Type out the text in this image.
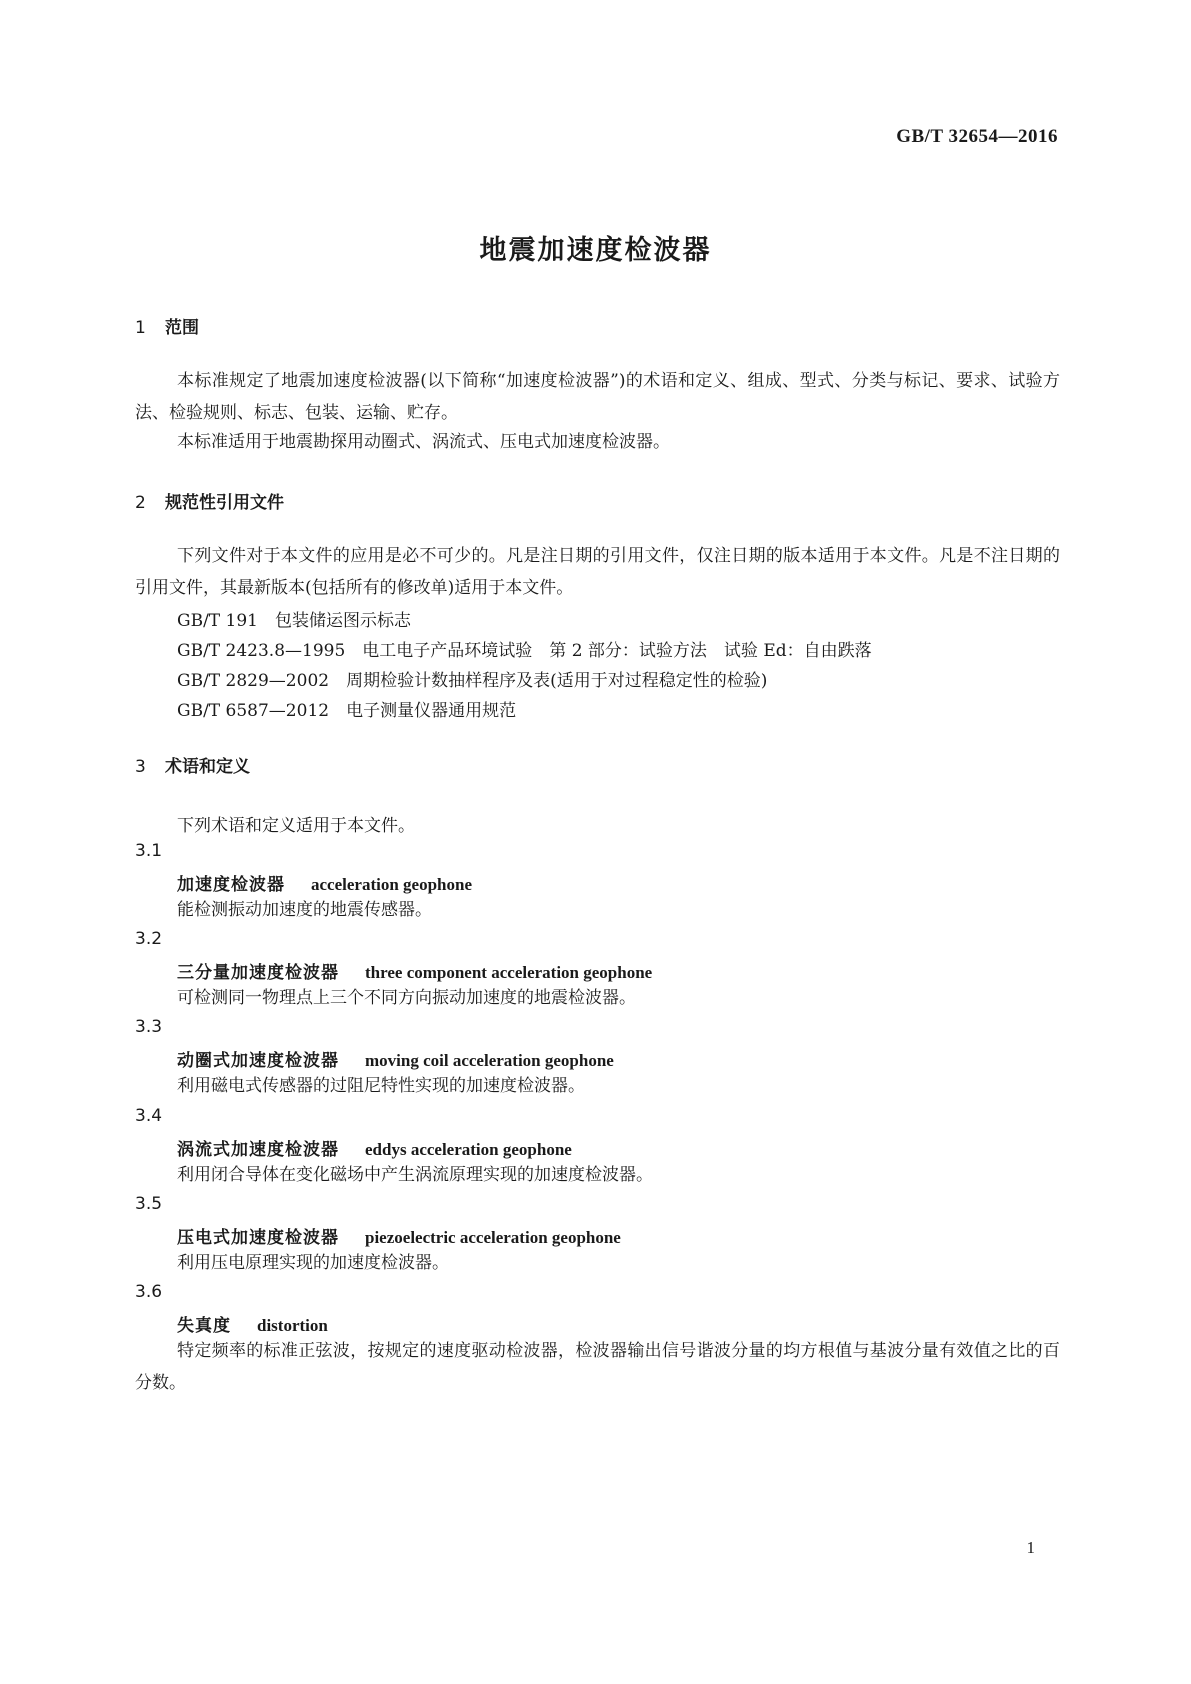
GB/T 32654—2016
地震加速度检波器
1 范围
本标准规定了地震加速度检波器(以下简称“加速度检波器”)的术语和定义、组成、型式、分类与标记、要求、试验方法、检验规则、标志、包装、运输、贮存。
本标准适用于地震勘探用动圈式、涡流式、压电式加速度检波器。
2 规范性引用文件
下列文件对于本文件的应用是必不可少的。凡是注日期的引用文件，仅注日期的版本适用于本文件。凡是不注日期的引用文件，其最新版本(包括所有的修改单)适用于本文件。
GB/T 191　包装储运图示标志
GB/T 2423.8—1995　电工电子产品环境试验　第 2 部分：试验方法　试验 Ed：自由跌落
GB/T 2829—2002　周期检验计数抽样程序及表(适用于对过程稳定性的检验)
GB/T 6587—2012　电子测量仪器通用规范
3 术语和定义
下列术语和定义适用于本文件。
3.1
加速度检波器 acceleration geophone
能检测振动加速度的地震传感器。
3.2
三分量加速度检波器 three component acceleration geophone
可检测同一物理点上三个不同方向振动加速度的地震检波器。
3.3
动圈式加速度检波器 moving coil acceleration geophone
利用磁电式传感器的过阻尼特性实现的加速度检波器。
3.4
涡流式加速度检波器 eddys acceleration geophone
利用闭合导体在变化磁场中产生涡流原理实现的加速度检波器。
3.5
压电式加速度检波器 piezoelectric acceleration geophone
利用压电原理实现的加速度检波器。
3.6
失真度 distortion
特定频率的标准正弦波，按规定的速度驱动检波器，检波器输出信号谐波分量的均方根值与基波分量有效值之比的百分数。
1
